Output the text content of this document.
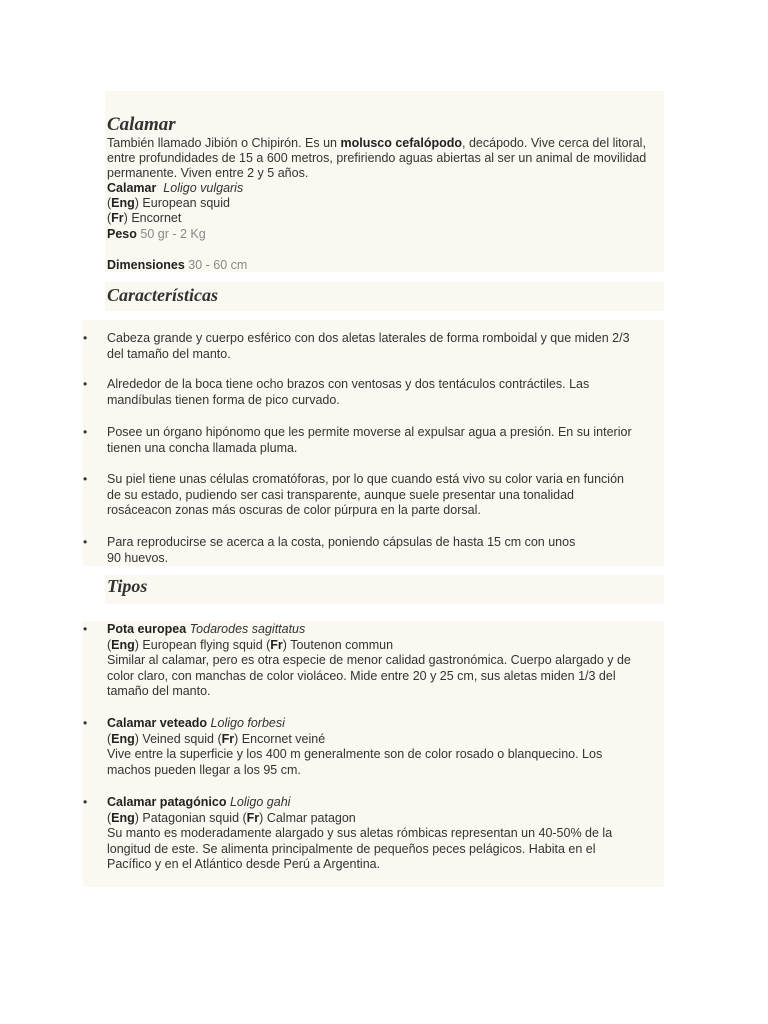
Calamar

También llamado Jibión o Chipirón. Es un molusco cefalópodo, decápodo. Vive cerca del litoral,

entre profundidades de 15 a 600 metros, prefiriendo aguas abiertas al ser un animal de movilidad

permanente. Viven entre 2 y 5 años.

Calamar Loligo vulgaris

(Eng) European squid

(Fr) Encornet

Peso 50 gr - 2 Kg

Dimensiones 30 - 60 cm

Características
• Cabeza grande y cuerpo esférico con dos aletas laterales de forma romboidal y que miden 2/3

del tamaño del manto.

• Alrededor de la boca tiene ocho brazos con ventosas y dos tentáculos contráctiles. Las

mandíbulas tienen forma de pico curvado.

• Posee un órgano hipónomo que les permite moverse al expulsar agua a presión. En su interior

tienen una concha llamada pluma.

• Su piel tiene unas células cromatóforas, por lo que cuando está vivo su color varia en función

de su estado, pudiendo ser casi transparente, aunque suele presentar una tonalidad

rosáceacon zonas más oscuras de color púrpura en la parte dorsal.

• Para reproducirse se acerca a la costa, poniendo cápsulas de hasta 15 cm con unos

90 huevos.

Tipos
• Pota europea Todarodes sagittatus

(Eng) European flying squid (Fr) Toutenon commun

Similar al calamar, pero es otra especie de menor calidad gastronómica. Cuerpo alargado y de

color claro, con manchas de color violáceo. Mide entre 20 y 25 cm, sus aletas miden 1/3 del

tamaño del manto.

• Calamar veteado Loligo forbesi

(Eng) Veined squid (Fr) Encornet veiné

Vive entre la superficie y los 400 m generalmente son de color rosado o blanquecino. Los

machos pueden llegar a los 95 cm.

• Calamar patagónico Loligo gahi

(Eng) Patagonian squid (Fr) Calmar patagon

Su manto es moderadamente alargado y sus aletas rómbicas representan un 40-50% de la

longitud de este. Se alimenta principalmente de pequeños peces pelágicos. Habita en el

Pacífico y en el Atlántico desde Perú a Argentina.
